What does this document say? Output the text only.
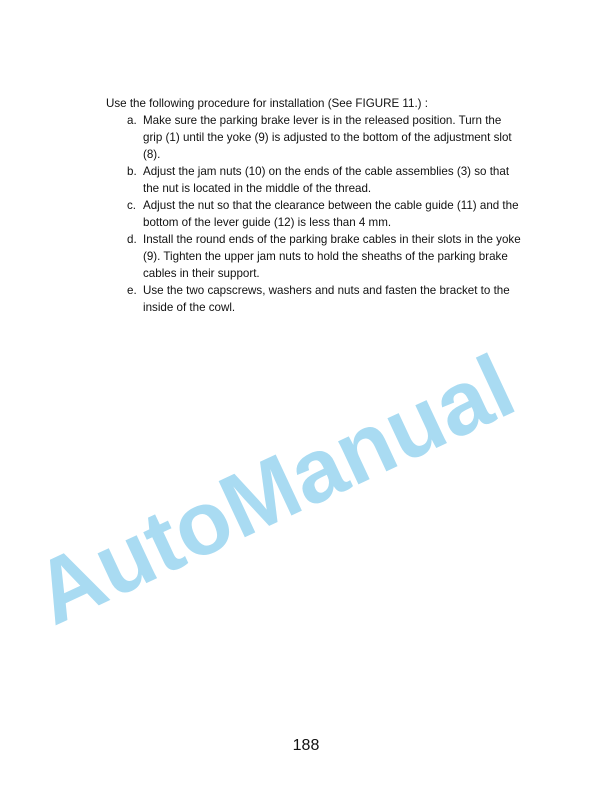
AutoManual
Use the following procedure for installation (See FIGURE 11.) :
a. Make sure the parking brake lever is in the released position. Turn the
grip (1) until the yoke (9) is adjusted to the bottom of the adjustment slot
(8).
b. Adjust the jam nuts (10) on the ends of the cable assemblies (3) so that
the nut is located in the middle of the thread.
c. Adjust the nut so that the clearance between the cable guide (11) and the
bottom of the lever guide (12) is less than 4 mm.
d. Install the round ends of the parking brake cables in their slots in the yoke
(9). Tighten the upper jam nuts to hold the sheaths of the parking brake
cables in their support.
e. Use the two capscrews, washers and nuts and fasten the bracket to the
inside of the cowl.
188
